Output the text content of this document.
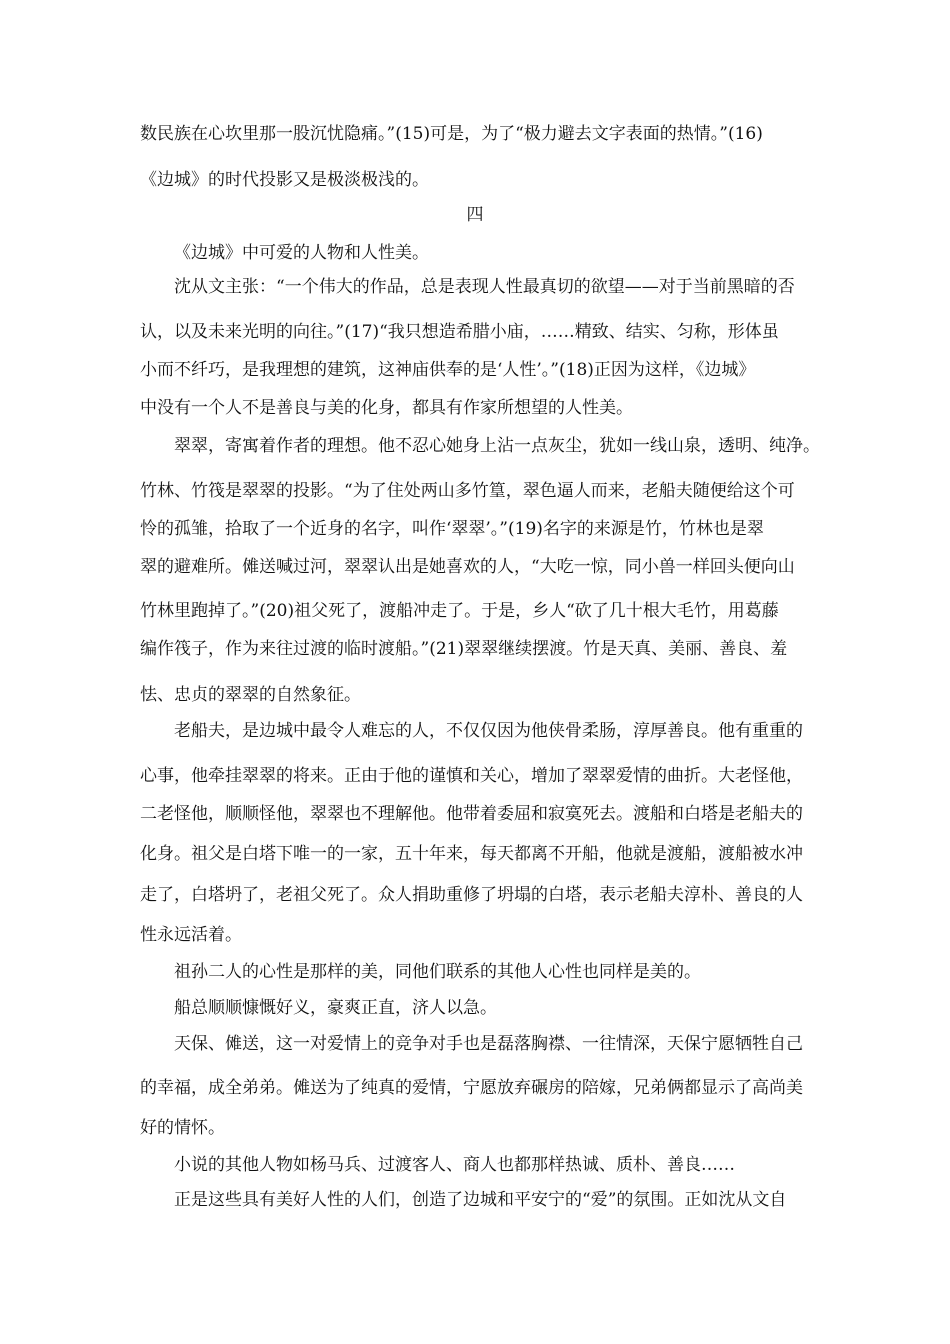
数民族在心坎里那一股沉忧隐痛。”(15)可是，为了“极力避去文字表面的热情。”(16)
《边城》的时代投影又是极淡极浅的。
四
《边城》中可爱的人物和人性美。
沈从文主张：“一个伟大的作品，总是表现人性最真切的欲望——对于当前黑暗的否
认，以及未来光明的向往。”(17)“我只想造希腊小庙，……精致、结实、匀称，形体虽
小而不纤巧，是我理想的建筑，这神庙供奉的是‘人性’。”(18)正因为这样，《边城》
中没有一个人不是善良与美的化身，都具有作家所想望的人性美。
翠翠，寄寓着作者的理想。他不忍心她身上沾一点灰尘，犹如一线山泉，透明、纯净。
竹林、竹筏是翠翠的投影。“为了住处两山多竹篁，翠色逼人而来，老船夫随便给这个可
怜的孤雏，拾取了一个近身的名字，叫作‘翠翠’。”(19)名字的来源是竹，竹林也是翠
翠的避难所。傩送喊过河，翠翠认出是她喜欢的人，“大吃一惊，同小兽一样回头便向山
竹林里跑掉了。”(20)祖父死了，渡船冲走了。于是，乡人“砍了几十根大毛竹，用葛藤
编作筏子，作为来往过渡的临时渡船。”(21)翠翠继续摆渡。竹是天真、美丽、善良、羞
怯、忠贞的翠翠的自然象征。
老船夫，是边城中最令人难忘的人，不仅仅因为他侠骨柔肠，淳厚善良。他有重重的
心事，他牵挂翠翠的将来。正由于他的谨慎和关心，增加了翠翠爱情的曲折。大老怪他，
二老怪他，顺顺怪他，翠翠也不理解他。他带着委屈和寂寞死去。渡船和白塔是老船夫的
化身。祖父是白塔下唯一的一家，五十年来，每天都离不开船，他就是渡船，渡船被水冲
走了，白塔坍了，老祖父死了。众人捐助重修了坍塌的白塔，表示老船夫淳朴、善良的人
性永远活着。
祖孙二人的心性是那样的美，同他们联系的其他人心性也同样是美的。
船总顺顺慷慨好义，豪爽正直，济人以急。
天保、傩送，这一对爱情上的竞争对手也是磊落胸襟、一往情深，天保宁愿牺牲自己
的幸福，成全弟弟。傩送为了纯真的爱情，宁愿放弃碾房的陪嫁，兄弟俩都显示了高尚美
好的情怀。
小说的其他人物如杨马兵、过渡客人、商人也都那样热诚、质朴、善良……
正是这些具有美好人性的人们，创造了边城和平安宁的“爱”的氛围。正如沈从文自
